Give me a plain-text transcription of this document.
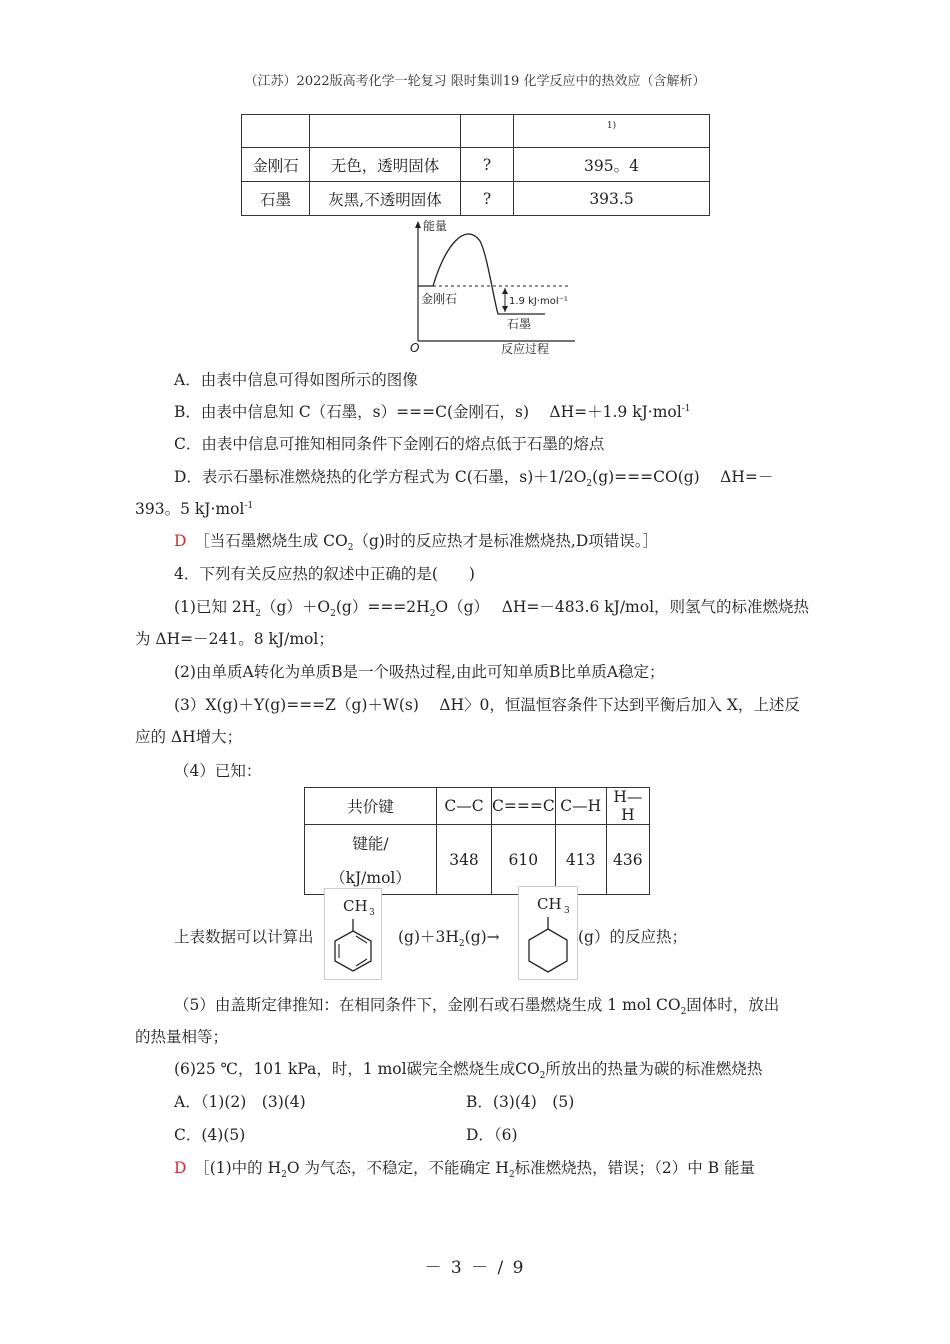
（江苏）2022版高考化学一轮复习 限时集训19 化学反应中的热效应（含解析）
			1)
金刚石	无色，透明固体	?	395。4
石墨	灰黑,不透明固体	?	393.5
能量
金刚石	1.9 kJ·mol⁻¹
石墨
O	反应过程
A．由表中信息可得如图所示的图像
B．由表中信息知 C（石墨，s）===C(金刚石，s)　 ΔH=＋1.9 kJ·mol$^{-1}$
C．由表中信息可推知相同条件下金刚石的熔点低于石墨的熔点
D．表示石墨标准燃烧热的化学方程式为 C(石墨，$s)+1/2O_2(g)===CO(g)$　 ΔH=－
393。5 kJ·mol$^{-1}$
D　 ［当石墨燃烧生成 $CO_2(g)$时的反应热才是标准燃烧热,D项错误。］
4．下列有关反应热的叙述中正确的是(　　)
(1)已知 $2H_2(g)+O_2(g)===2H_2O(g)$　 ΔH=－483.6 kJ/mol，则氢气的标准燃烧热
为 ΔH=－241。8 kJ/mol；
(2)由单质A转化为单质B是一个吸热过程,由此可知单质B比单质A稳定；
(3）X(g)＋Y(g)===Z（g)＋W(s)　 ΔH〉0，恒温恒容条件下达到平衡后加入 X，上述反
应的 ΔH增大；
（4）已知：
共价键	C—C	C===C	C—H	H—H

键能/
（kJ/mol）	348	610	413	436
上表数据可以计算出
CH 3
$(g)+3H_2(g)\to$
CH 3
(g）的反应热；
（5）由盖斯定律推知：在相同条件下，金刚石或石墨燃烧生成 1 mol $CO_2$固体时，放出
的热量相等；
(6)25 ℃，101 kPa，时，1 mol碳完全燃烧生成$CO_2$所放出的热量为碳的标准燃烧热
A．（1)(2)　(3)(4)	B．(3)(4)　(5)
C．(4)(5)	D．（6)
D　 ［(1)中的 $H_2O$ 为气态，不稳定，不能确定 $H_2$标准燃烧热，错误；（2）中 B 能量
－ 3 － / 9
